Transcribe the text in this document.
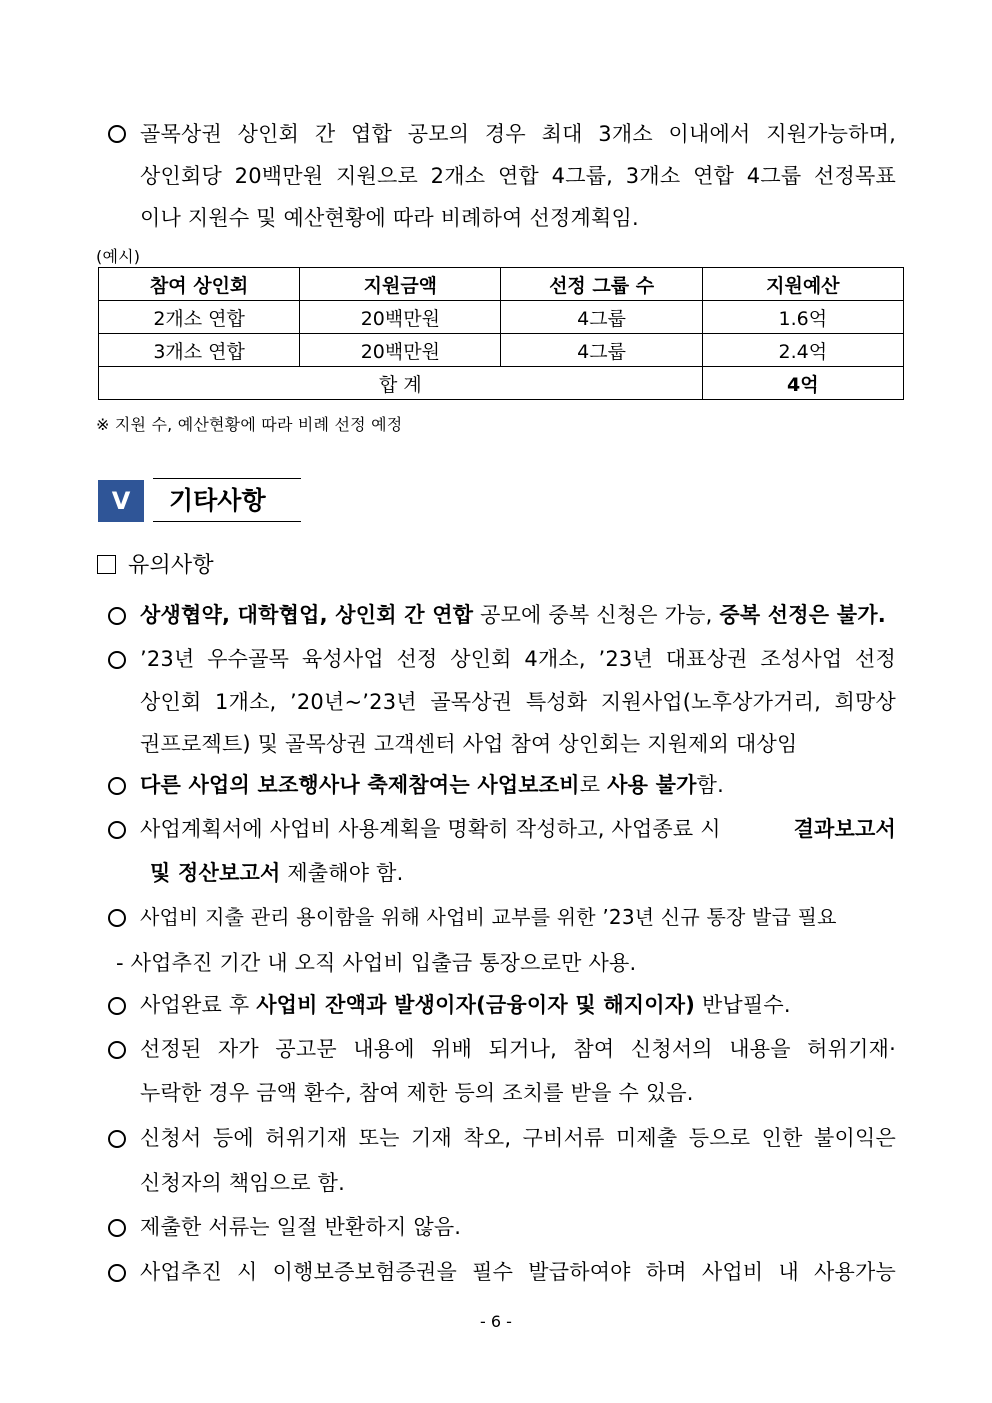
골목상권 상인회 간 엽합 공모의 경우 최대 3개소 이내에서 지원가능하며,
상인회당 20백만원 지원으로 2개소 연합 4그룹, 3개소 연합 4그룹 선정목표
이나 지원수 및 예산현황에 따라 비례하여 선정계획임.
(예시)
참여 상인회	지원금액	선정 그룹 수	지원예산
2개소 연합	20백만원	4그룹	1.6억
3개소 연합	20백만원	4그룹	2.4억
합 계			4억
※ 지원 수, 예산현황에 따라 비례 선정 예정
Ⅴ	기타사항
유의사항
상생협약, 대학협업, 상인회 간 연합 공모에 중복 신청은 가능, 중복 선정은 불가.
’23년 우수골목 육성사업 선정 상인회 4개소, ’23년 대표상권 조성사업 선정
상인회 1개소, ’20년~’23년 골목상권 특성화 지원사업(노후상가거리, 희망상
권프로젝트) 및 골목상권 고객센터 사업 참여 상인회는 지원제외 대상임
다른 사업의 보조행사나 축제참여는 사업보조비로 사용 불가함.
사업계획서에 사업비 사용계획을 명확히 작성하고, 사업종료 시	결과보고서
및 정산보고서 제출해야 함.
사업비 지출 관리 용이함을 위해 사업비 교부를 위한 ’23년 신규 통장 발급 필요
- 사업추진 기간 내 오직 사업비 입출금 통장으로만 사용.
사업완료 후 사업비 잔액과 발생이자(금융이자 및 해지이자) 반납필수.
선정된 자가 공고문 내용에 위배 되거나, 참여 신청서의 내용을 허위기재·
누락한 경우 금액 환수, 참여 제한 등의 조치를 받을 수 있음.
신청서 등에 허위기재 또는 기재 착오, 구비서류 미제출 등으로 인한 불이익은
신청자의 책임으로 함.
제출한 서류는 일절 반환하지 않음.
사업추진 시 이행보증보험증권을 필수 발급하여야 하며 사업비 내 사용가능
- 6 -
